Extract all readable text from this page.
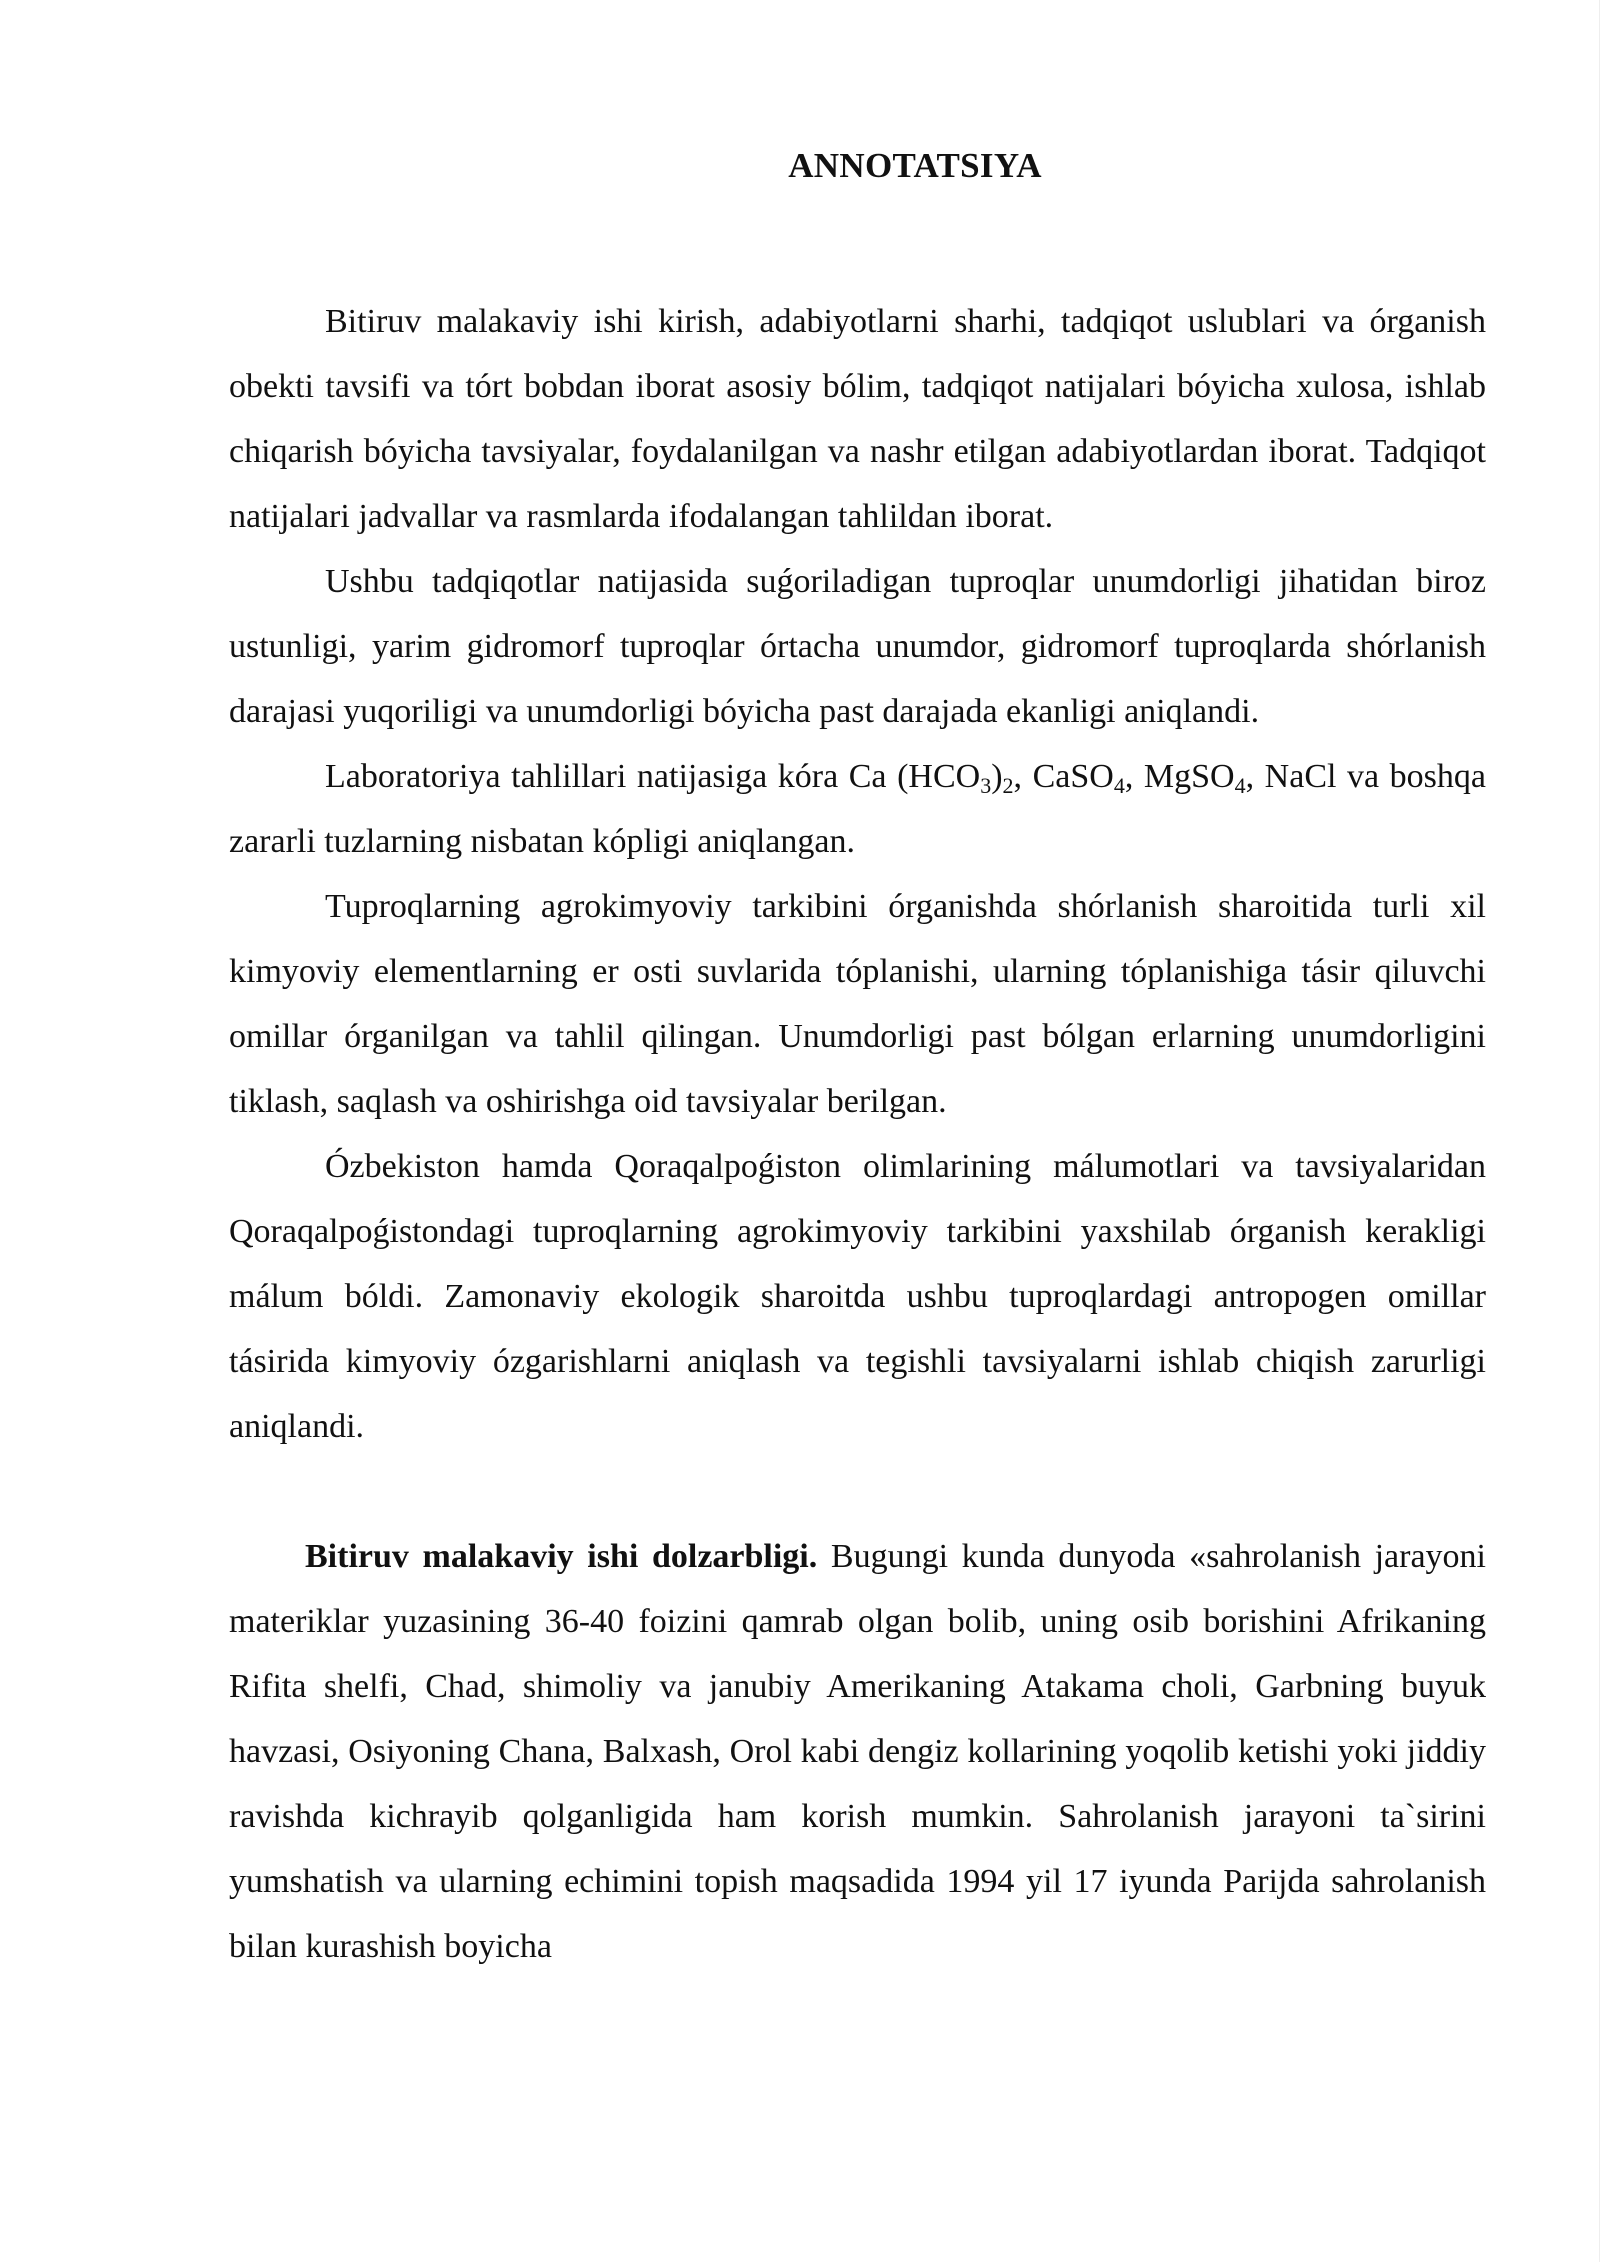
ANNOTATSIYA

Bitiruv malakaviy ishi kirish, adabiyotlarni sharhi, tadqiqot uslublari va órganish obekti tavsifi va tórt bobdan iborat asosiy bólim, tadqiqot natijalari bóyicha xulosa, ishlab chiqarish bóyicha tavsiyalar, foydalanilgan va nashr etilgan adabiyotlardan iborat. Tadqiqot natijalari jadvallar va rasmlarda ifodalangan tahlildan iborat.

Ushbu tadqiqotlar natijasida suǵoriladigan tuproqlar unumdorligi jihatidan biroz ustunligi, yarim gidromorf tuproqlar órtacha unumdor, gidromorf tuproqlarda shórlanish darajasi yuqoriligi va unumdorligi bóyicha past darajada ekanligi aniqlandi.

Laboratoriya tahlillari natijasiga kóra Ca $(HCO_3)_2$, CaSO$_4$, MgSO$_4$, NaCl va boshqa zararli tuzlarning nisbatan kópligi aniqlangan.

Tuproqlarning agrokimyoviy tarkibini órganishda shórlanish sharoitida turli xil kimyoviy elementlarning er osti suvlarida tóplanishi, ularning tóplanishiga tásir qiluvchi omillar órganilgan va tahlil qilingan. Unumdorligi past bólgan erlarning unumdorligini tiklash, saqlash va oshirishga oid tavsiyalar berilgan.

Ózbekiston hamda Qoraqalpoǵiston olimlarining málumotlari va tavsiyalaridan Qoraqalpoǵistondagi tuproqlarning agrokimyoviy tarkibini yaxshilab órganish kerakligi málum bóldi. Zamonaviy ekologik sharoitda ushbu tuproqlardagi antropogen omillar tásirida kimyoviy ózgarishlarni aniqlash va tegishli tavsiyalarni ishlab chiqish zarurligi aniqlandi.

Bitiruv malakaviy ishi dolzarbligi. Bugungi kunda dunyoda «sahrolanish jarayoni materiklar yuzasining 36-40 foizini qamrab olgan bolib, uning osib borishini Afrikaning Rifita shelfi, Chad, shimoliy va janubiy Amerikaning Atakama choli, Garbning buyuk havzasi, Osiyoning Chana, Balxash, Orol kabi dengiz kollarining yoqolib ketishi yoki jiddiy ravishda kichrayib qolganligida ham korish mumkin. Sahrolanish jarayoni ta`sirini yumshatish va ularning echimini topish maqsadida 1994 yil 17 iyunda Parijda sahrolanish bilan kurashish boyicha
